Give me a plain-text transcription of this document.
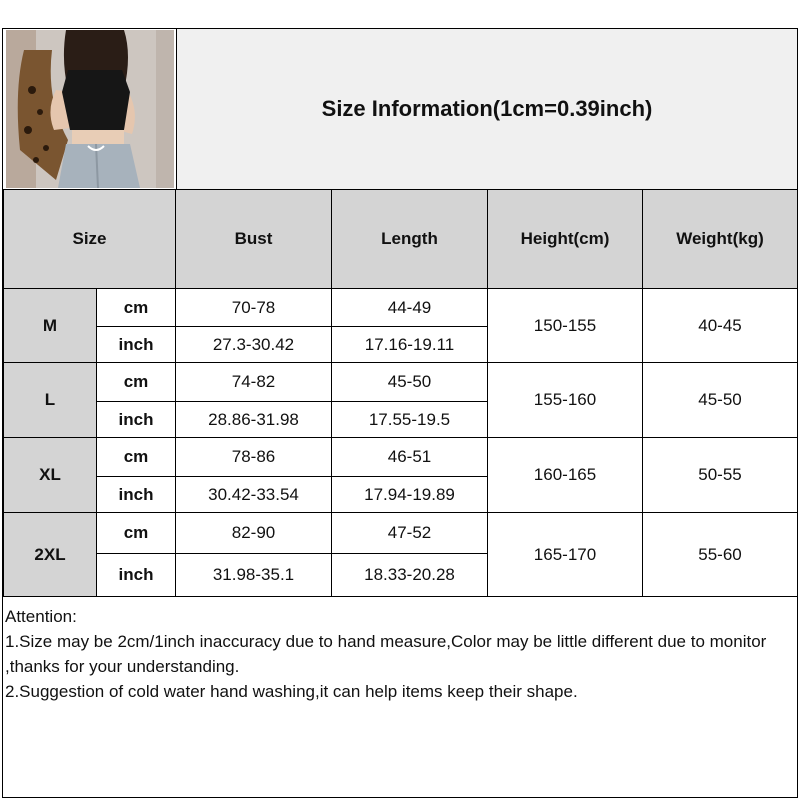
Size Information(1cm=0.39inch)
Size		Bust	Length	Height(cm)	Weight(kg)
M	cm	70-78	44-49	150-155	40-45
	inch	27.3-30.42	17.16-19.11		
L	cm	74-82	45-50	155-160	45-50
	inch	28.86-31.98	17.55-19.5		
XL	cm	78-86	46-51	160-165	50-55
	inch	30.42-33.54	17.94-19.89		
2XL	cm	82-90	47-52	165-170	55-60
	inch	31.98-35.1	18.33-20.28		
Attention:
1.Size may be 2cm/1inch inaccuracy due to hand measure,Color may be little different due to monitor ,thanks for your understanding.
2.Suggestion of cold water hand washing,it can help items keep their shape.
